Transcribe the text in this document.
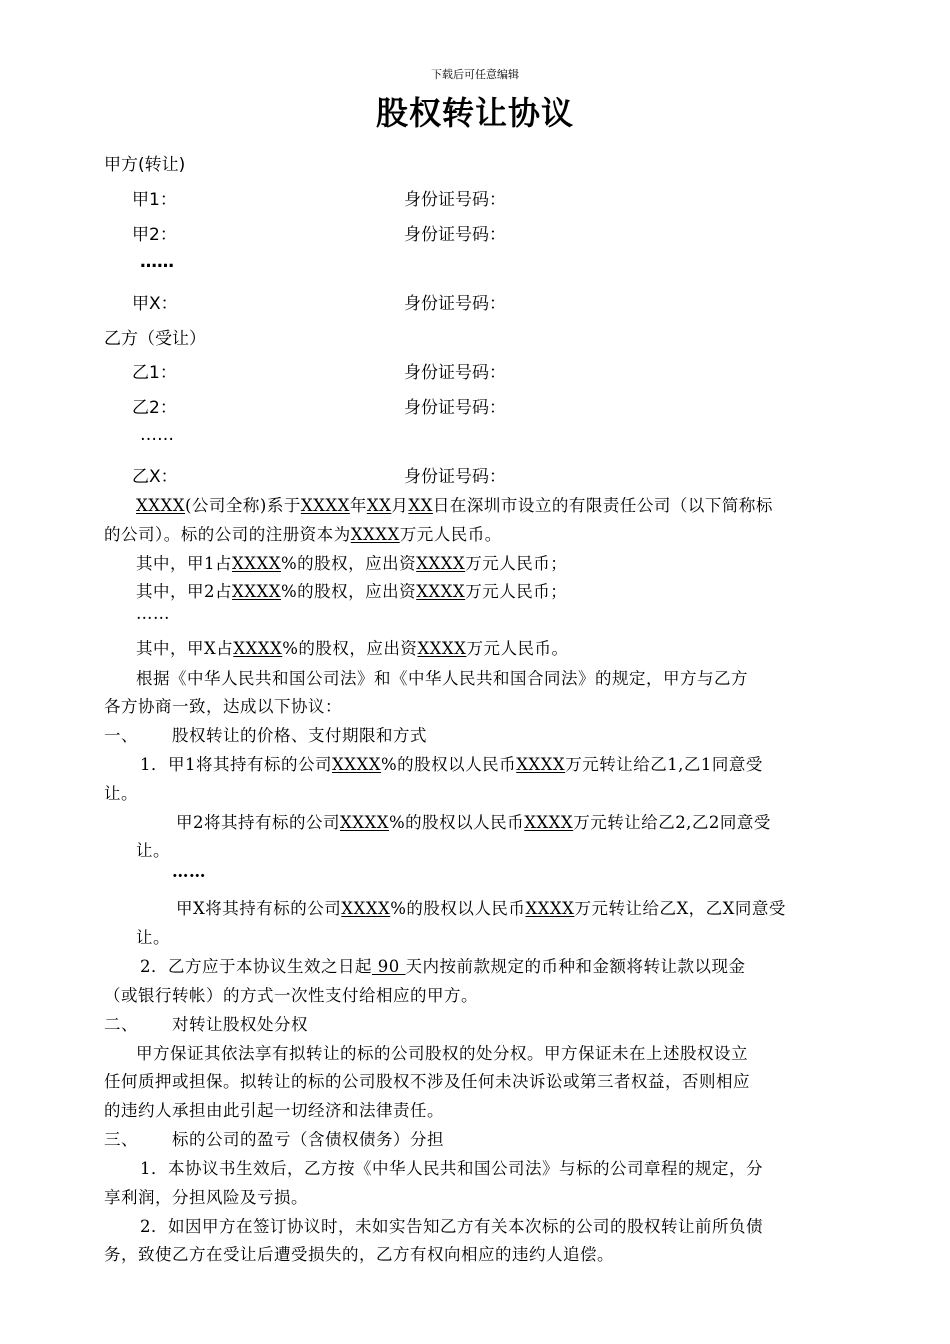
下载后可任意编辑
股权转让协议
甲方(转让)
甲1：	身份证号码：
甲2：	身份证号码：
……
甲X：	身份证号码：
乙方（受让）
乙1：	身份证号码：
乙2：	身份证号码：
……
乙X：	身份证号码：
XXXX(公司全称)系于XXXX年XX月XX日在深圳市设立的有限责任公司（以下简称标
的公司）。标的公司的注册资本为XXXX万元人民币。
其中，甲1占XXXX%的股权，应出资XXXX万元人民币；
其中，甲2占XXXX%的股权，应出资XXXX万元人民币；
……
其中，甲X占XXXX%的股权，应出资XXXX万元人民币。
根据《中华人民共和国公司法》和《中华人民共和国合同法》的规定，甲方与乙方
各方协商一致，达成以下协议：
一、 股权转让的价格、支付期限和方式
1．甲1将其持有标的公司XXXX%的股权以人民币XXXX万元转让给乙1,乙1同意受
让。
甲2将其持有标的公司XXXX%的股权以人民币XXXX万元转让给乙2,乙2同意受
让。
……
甲X将其持有标的公司XXXX%的股权以人民币XXXX万元转让给乙X，乙X同意受
让。
2．乙方应于本协议生效之日起 90 天内按前款规定的币种和金额将转让款以现金
（或银行转帐）的方式一次性支付给相应的甲方。
二、 对转让股权处分权
甲方保证其依法享有拟转让的标的公司股权的处分权。甲方保证未在上述股权设立
任何质押或担保。拟转让的标的公司股权不涉及任何未决诉讼或第三者权益，否则相应
的违约人承担由此引起一切经济和法律责任。
三、 标的公司的盈亏（含债权债务）分担
1．本协议书生效后，乙方按《中华人民共和国公司法》与标的公司章程的规定，分
享利润，分担风险及亏损。
2．如因甲方在签订协议时，未如实告知乙方有关本次标的公司的股权转让前所负债
务，致使乙方在受让后遭受损失的，乙方有权向相应的违约人追偿。
